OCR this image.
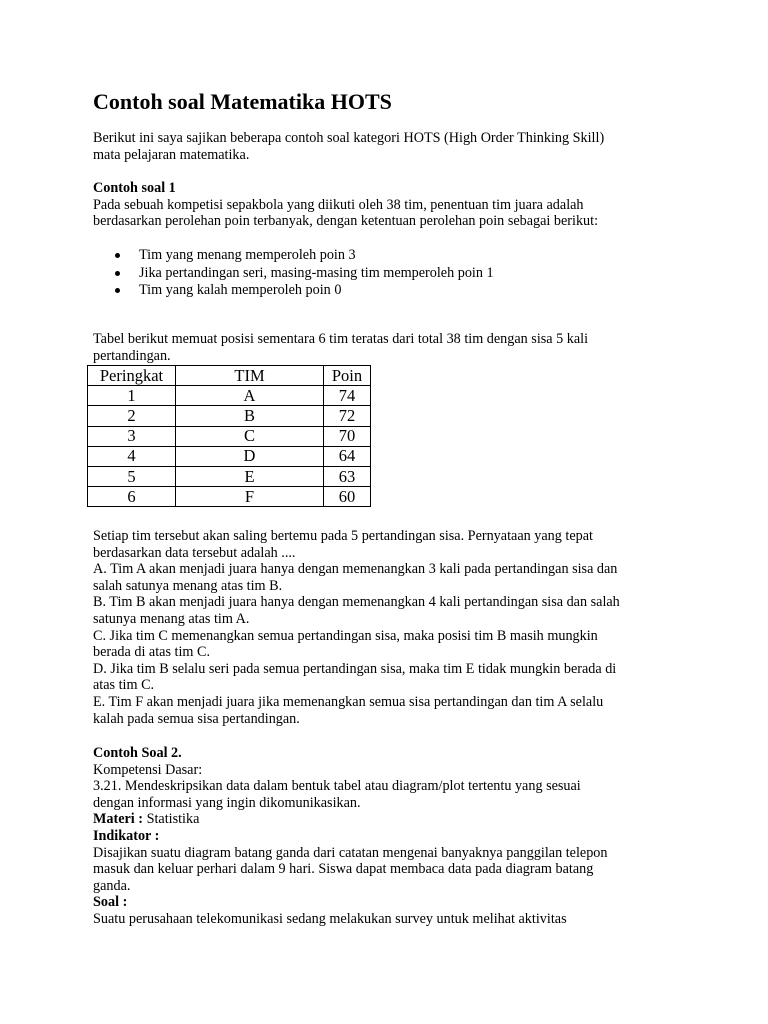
Contoh soal Matematika HOTS
Berikut ini saya sajikan beberapa contoh soal kategori HOTS (High Order Thinking Skill)
mata pelajaran matematika.
Contoh soal 1
Pada sebuah kompetisi sepakbola yang diikuti oleh 38 tim, penentuan tim juara adalah
berdasarkan perolehan poin terbanyak, dengan ketentuan perolehan poin sebagai berikut:
Tim yang menang memperoleh poin 3
Jika pertandingan seri, masing-masing tim memperoleh poin 1
Tim yang kalah memperoleh poin 0
Tabel berikut memuat posisi sementara 6 tim teratas dari total 38 tim dengan sisa 5 kali
pertandingan.
Peringkat	TIM	Poin
1	A	74
2	B	72
3	C	70
4	D	64
5	E	63
6	F	60
Setiap tim tersebut akan saling bertemu pada 5 pertandingan sisa. Pernyataan yang tepat
berdasarkan data tersebut adalah ....
A. Tim A akan menjadi juara hanya dengan memenangkan 3 kali pada pertandingan sisa dan
salah satunya menang atas tim B.
B. Tim B akan menjadi juara hanya dengan memenangkan 4 kali pertandingan sisa dan salah
satunya menang atas tim A.
C. Jika tim C memenangkan semua pertandingan sisa, maka posisi tim B masih mungkin
berada di atas tim C.
D. Jika tim B selalu seri pada semua pertandingan sisa, maka tim E tidak mungkin berada di
atas tim C.
E. Tim F akan menjadi juara jika memenangkan semua sisa pertandingan dan tim A selalu
kalah pada semua sisa pertandingan.
Contoh Soal 2.
Kompetensi Dasar:
3.21. Mendeskripsikan data dalam bentuk tabel atau diagram/plot tertentu yang sesuai
dengan informasi yang ingin dikomunikasikan.
Materi : Statistika
Indikator :
Disajikan suatu diagram batang ganda dari catatan mengenai banyaknya panggilan telepon
masuk dan keluar perhari dalam 9 hari. Siswa dapat membaca data pada diagram batang
ganda.
Soal :
Suatu perusahaan telekomunikasi sedang melakukan survey untuk melihat aktivitas
